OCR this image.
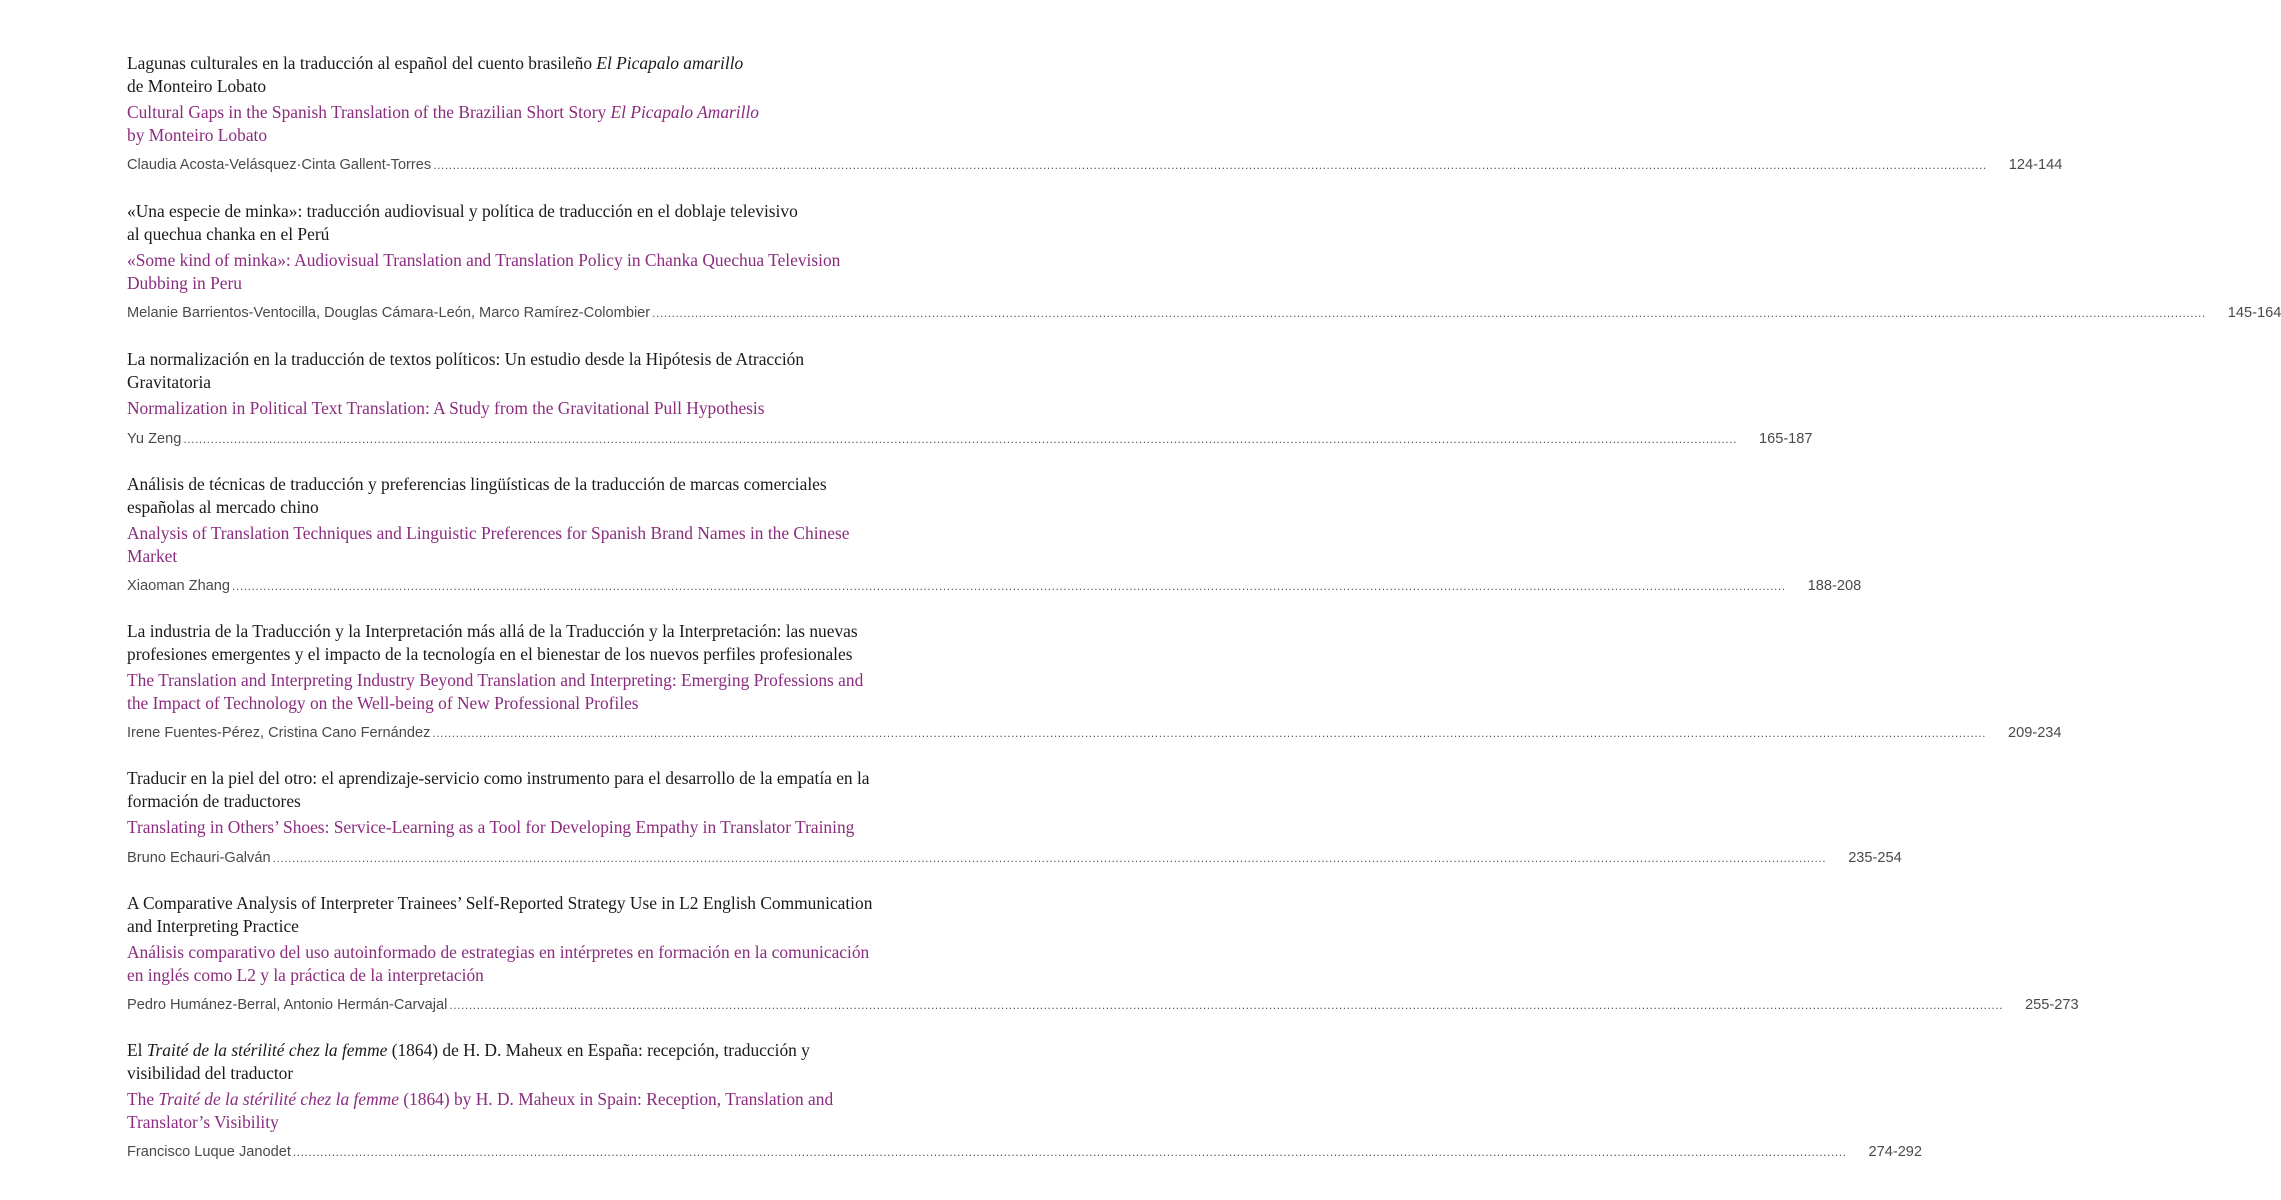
Lagunas culturales en la traducción al español del cuento brasileño El Picapalo amarillo
de Monteiro Lobato

Cultural Gaps in the Spanish Translation of the Brazilian Short Story El Picapalo Amarillo
by Monteiro Lobato

Claudia Acosta-Velásquez·Cinta Gallent-Torres ................................................................................................................................................................................................................................................................................................................................................................................................................ 124-144

«Una especie de minka»: traducción audiovisual y política de traducción en el doblaje televisivo
al quechua chanka en el Perú

«Some kind of minka»: Audiovisual Translation and Translation Policy in Chanka Quechua Television
Dubbing in Peru

Melanie Barrientos-Ventocilla, Douglas Cámara-León, Marco Ramírez-Colombier ................................................................................................................................................................................................................................................................................................................................................................................................................ 145-164

La normalización en la traducción de textos políticos: Un estudio desde la Hipótesis de Atracción
Gravitatoria

Normalization in Political Text Translation: A Study from the Gravitational Pull Hypothesis

Yu Zeng ................................................................................................................................................................................................................................................................................................................................................................................................................ 165-187

Análisis de técnicas de traducción y preferencias lingüísticas de la traducción de marcas comerciales
españolas al mercado chino

Analysis of Translation Techniques and Linguistic Preferences for Spanish Brand Names in the Chinese
Market

Xiaoman Zhang ................................................................................................................................................................................................................................................................................................................................................................................................................ 188-208

La industria de la Traducción y la Interpretación más allá de la Traducción y la Interpretación: las nuevas
profesiones emergentes y el impacto de la tecnología en el bienestar de los nuevos perfiles profesionales

The Translation and Interpreting Industry Beyond Translation and Interpreting: Emerging Professions and
the Impact of Technology on the Well-being of New Professional Profiles

Irene Fuentes-Pérez, Cristina Cano Fernández ................................................................................................................................................................................................................................................................................................................................................................................................................ 209-234

Traducir en la piel del otro: el aprendizaje-servicio como instrumento para el desarrollo de la empatía en la
formación de traductores

Translating in Others’ Shoes: Service-Learning as a Tool for Developing Empathy in Translator Training

Bruno Echauri-Galván ................................................................................................................................................................................................................................................................................................................................................................................................................ 235-254

A Comparative Analysis of Interpreter Trainees’ Self-Reported Strategy Use in L2 English Communication
and Interpreting Practice

Análisis comparativo del uso autoinformado de estrategias en intérpretes en formación en la comunicación
en inglés como L2 y la práctica de la interpretación

Pedro Humánez-Berral, Antonio Hermán-Carvajal ................................................................................................................................................................................................................................................................................................................................................................................................................ 255-273

El Traité de la stérilité chez la femme (1864) de H. D. Maheux en España: recepción, traducción y
visibilidad del traductor

The Traité de la stérilité chez la femme (1864) by H. D. Maheux in Spain: Reception, Translation and
Translator’s Visibility

Francisco Luque Janodet ................................................................................................................................................................................................................................................................................................................................................................................................................ 274-292
